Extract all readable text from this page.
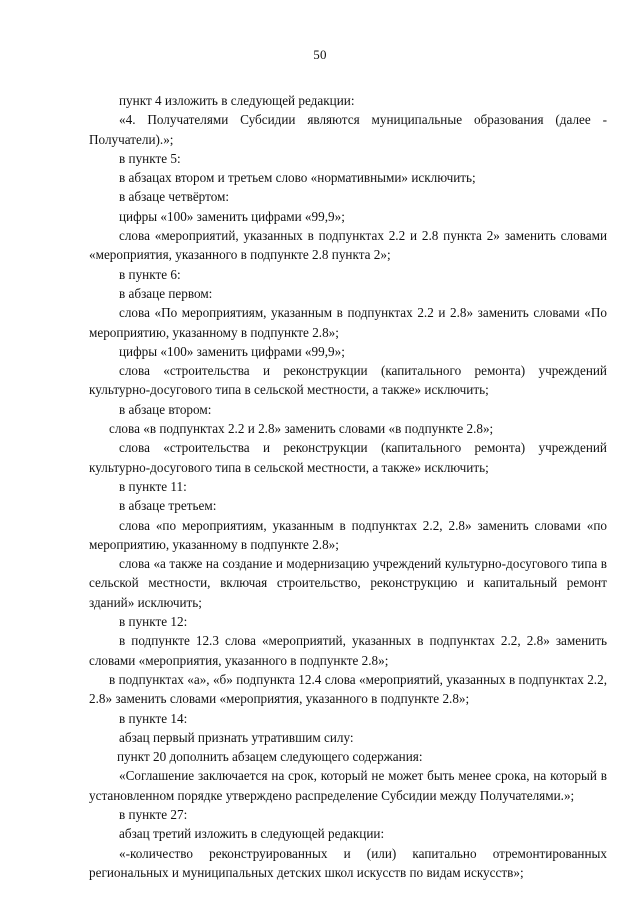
50

пункт 4 изложить в следующей редакции:

«4. Получателями Субсидии являются муниципальные образования (далее - Получатели).»;

в пункте 5:

в абзацах втором и третьем слово «нормативными» исключить;

в абзаце четвёртом:

цифры «100» заменить цифрами «99,9»;

слова «мероприятий, указанных в подпунктах 2.2 и 2.8 пункта 2» заменить словами «мероприятия, указанного в подпункте 2.8 пункта 2»;

в пункте 6:

в абзаце первом:

слова «По мероприятиям, указанным в подпунктах 2.2 и 2.8» заменить словами «По мероприятию, указанному в подпункте 2.8»;

цифры «100» заменить цифрами «99,9»;

слова «строительства и реконструкции (капитального ремонта) учреждений культурно-досугового типа в сельской местности, а также» исключить;

в абзаце втором:

слова «в подпунктах 2.2 и 2.8» заменить словами «в подпункте 2.8»;

слова «строительства и реконструкции (капитального ремонта) учреждений культурно-досугового типа в сельской местности, а также» исключить;

в пункте 11:

в абзаце третьем:

слова «по мероприятиям, указанным в подпунктах 2.2, 2.8» заменить словами «по мероприятию, указанному в подпункте 2.8»;

слова «а также на создание и модернизацию учреждений культурно-досугового типа в сельской местности, включая строительство, реконструкцию и капитальный ремонт зданий» исключить;

в пункте 12:

в подпункте 12.3 слова «мероприятий, указанных в подпунктах 2.2, 2.8» заменить словами «мероприятия, указанного в подпункте 2.8»;

в подпунктах «а», «б» подпункта 12.4 слова «мероприятий, указанных в подпунктах 2.2, 2.8» заменить словами «мероприятия, указанного в подпункте 2.8»;

в пункте 14:

абзац первый признать утратившим силу:

пункт 20 дополнить абзацем следующего содержания:

«Соглашение заключается на срок, который не может быть менее срока, на который в установленном порядке утверждено распределение Субсидии между Получателями.»;

в пункте 27:

абзац третий изложить в следующей редакции:

«-количество реконструированных и (или) капитально отремонтированных региональных и муниципальных детских школ искусств по видам искусств»;
